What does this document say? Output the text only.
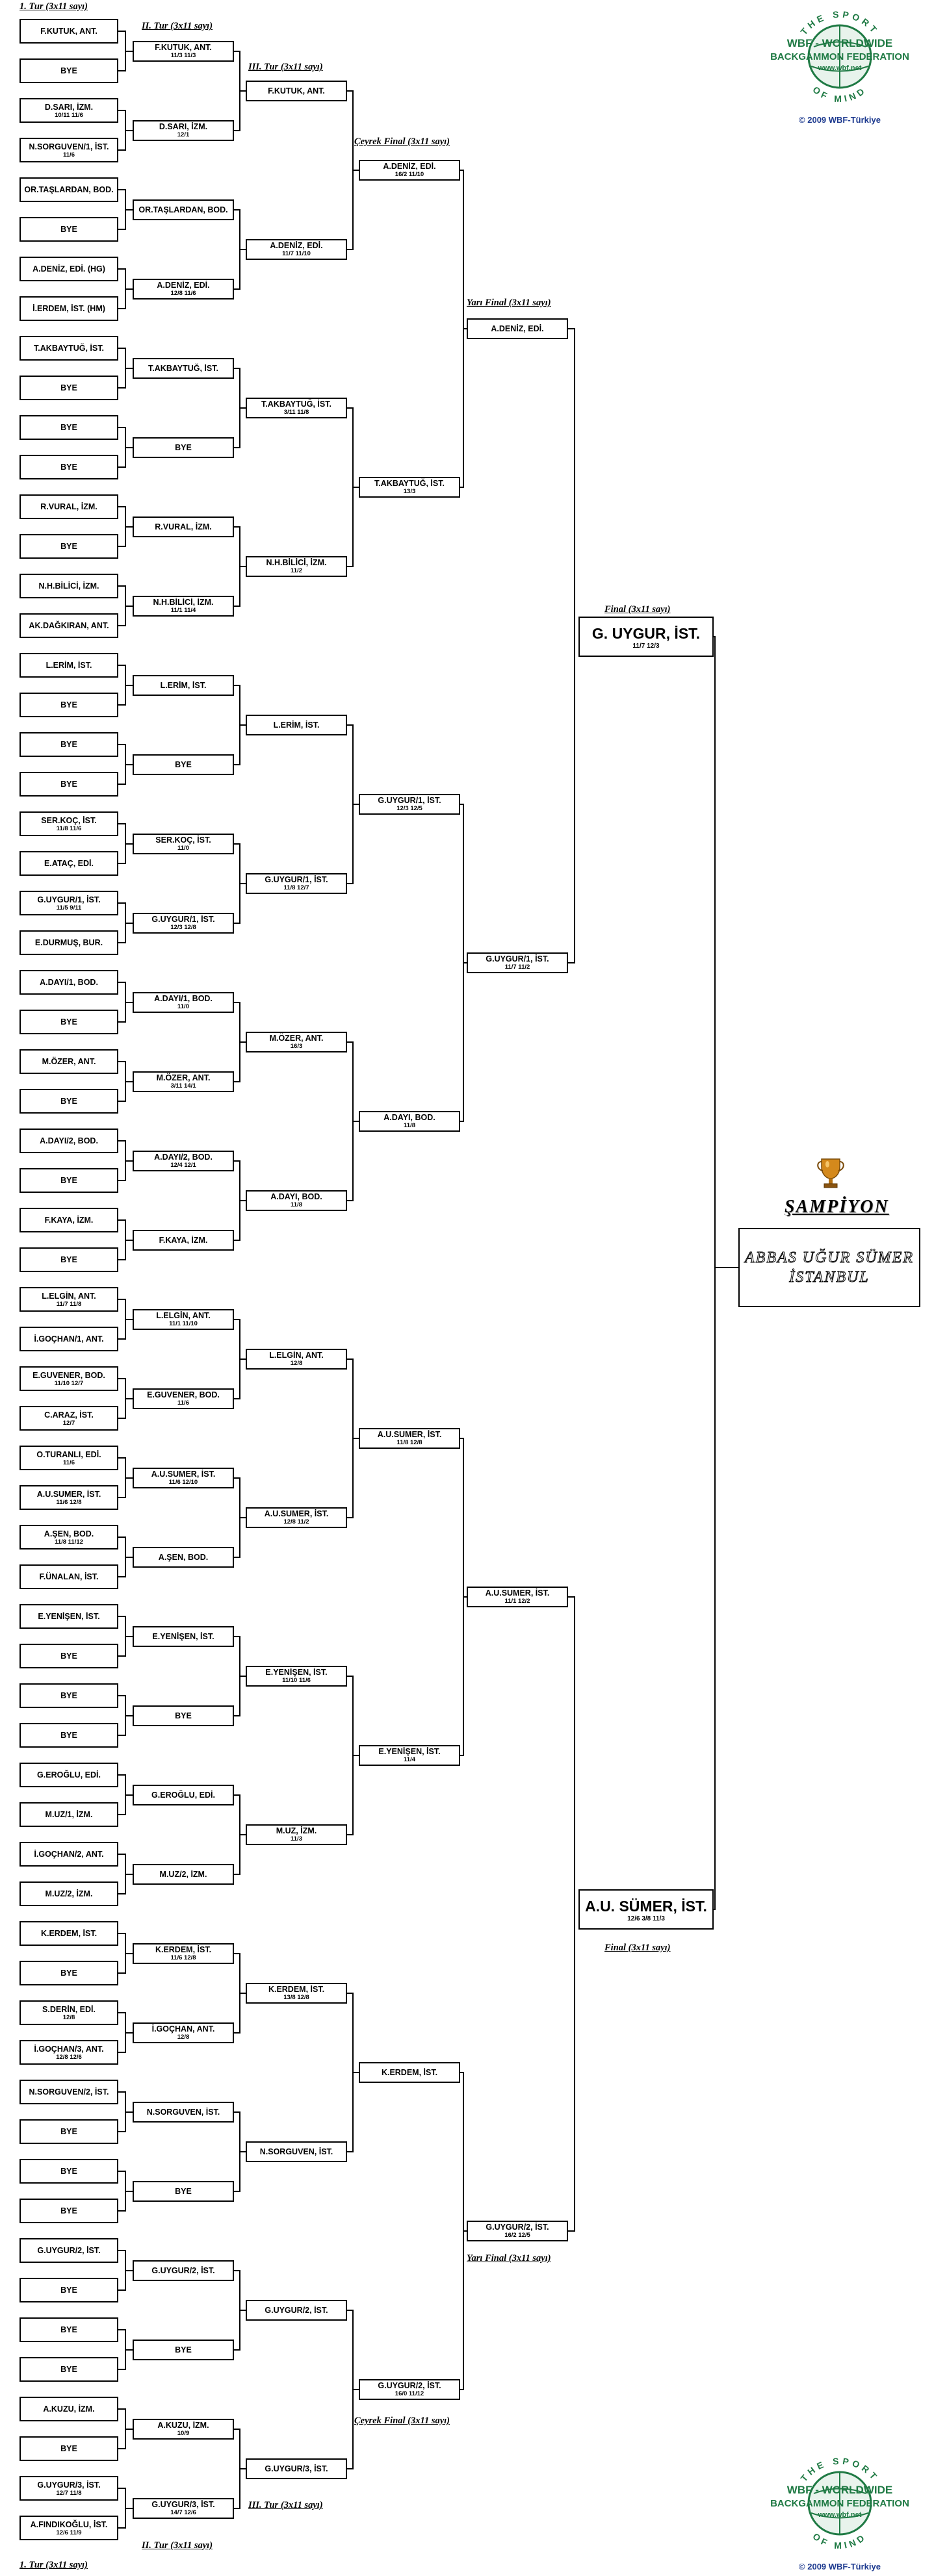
F.KUTUK, ANT.
BYE
D.SARI, İZM.
10/11 11/6
N.SORGUVEN/1, İST.
11/6
OR.TAŞLARDAN, BOD.
BYE
A.DENİZ, EDİ. (HG)
İ.ERDEM, İST. (HM)
T.AKBAYTUĞ, İST.
BYE
BYE
BYE
R.VURAL, İZM.
BYE
N.H.BİLİCİ, İZM.
AK.DAĞKIRAN, ANT.
L.ERİM, İST.
BYE
BYE
BYE
SER.KOÇ, İST.
11/8 11/6
E.ATAÇ, EDİ.
G.UYGUR/1, İST.
11/5 9/11
E.DURMUŞ, BUR.
A.DAYI/1, BOD.
BYE
M.ÖZER, ANT.
BYE
A.DAYI/2, BOD.
BYE
F.KAYA, İZM.
BYE
L.ELGİN, ANT.
11/7 11/8
İ.GOÇHAN/1, ANT.
E.GUVENER, BOD.
11/10 12/7
C.ARAZ, İST.
12/7
O.TURANLI, EDİ.
11/6
A.U.SUMER, İST.
11/6 12/8
A.ŞEN, BOD.
11/8 11/12
F.ÜNALAN, İST.
E.YENİŞEN, İST.
BYE
BYE
BYE
G.EROĞLU, EDİ.
M.UZ/1, İZM.
İ.GOÇHAN/2, ANT.
M.UZ/2, İZM.
K.ERDEM, İST.
BYE
S.DERİN, EDİ.
12/8
İ.GOÇHAN/3, ANT.
12/8 12/6
N.SORGUVEN/2, İST.
BYE
BYE
BYE
G.UYGUR/2, İST.
BYE
BYE
BYE
A.KUZU, İZM.
BYE
G.UYGUR/3, İST.
12/7 11/8
A.FINDIKOĞLU, İST.
12/6 11/9
F.KUTUK, ANT.
11/3 11/3
D.SARI, İZM.
12/1
OR.TAŞLARDAN, BOD.
A.DENİZ, EDİ.
12/8 11/6
T.AKBAYTUĞ, İST.
BYE
R.VURAL, İZM.
N.H.BİLİCİ, İZM.
11/1 11/4
L.ERİM, İST.
BYE
SER.KOÇ, İST.
11/0
G.UYGUR/1, İST.
12/3 12/8
A.DAYI/1, BOD.
11/0
M.ÖZER, ANT.
3/11 14/1
A.DAYI/2, BOD.
12/4 12/1
F.KAYA, İZM.
L.ELGİN, ANT.
11/1 11/10
E.GUVENER, BOD.
11/6
A.U.SUMER, İST.
11/6 12/10
A.ŞEN, BOD.
E.YENİŞEN, İST.
BYE
G.EROĞLU, EDİ.
M.UZ/2, İZM.
K.ERDEM, İST.
11/6 12/8
İ.GOÇHAN, ANT.
12/8
N.SORGUVEN, İST.
BYE
G.UYGUR/2, İST.
BYE
A.KUZU, İZM.
10/9
G.UYGUR/3, İST.
14/7 12/6
F.KUTUK, ANT.
A.DENİZ, EDİ.
11/7 11/10
T.AKBAYTUĞ, İST.
3/11 11/8
N.H.BİLİCİ, İZM.
11/2
L.ERİM, İST.
G.UYGUR/1, İST.
11/8 12/7
M.ÖZER, ANT.
16/3
A.DAYI, BOD.
11/8
L.ELGİN, ANT.
12/8
A.U.SUMER, İST.
12/8 11/2
E.YENİŞEN, İST.
11/10 11/6
M.UZ, İZM.
11/3
K.ERDEM, İST.
13/8 12/8
N.SORGUVEN, İST.
G.UYGUR/2, İST.
G.UYGUR/3, İST.
A.DENİZ, EDİ.
16/2 11/10
T.AKBAYTUĞ, İST.
13/3
G.UYGUR/1, İST.
12/3 12/5
A.DAYI, BOD.
11/8
A.U.SUMER, İST.
11/8 12/8
E.YENİŞEN, İST.
11/4
K.ERDEM, İST.
G.UYGUR/2, İST.
16/0 11/12
A.DENİZ, EDİ.
G.UYGUR/1, İST.
11/7 11/2
A.U.SUMER, İST.
11/1 12/2
G.UYGUR/2, İST.
16/2 12/5
G. UYGUR, İST.
11/7 12/3
A.U. SÜMER, İST.
12/6 3/8 11/3
1. Tur (3x11 sayı)
1. Tur (3x11 sayı)
II. Tur (3x11 sayı)
II. Tur (3x11 sayı)
III. Tur (3x11 sayı)
III. Tur (3x11 sayı)
Çeyrek Final (3x11 sayı)
Çeyrek Final (3x11 sayı)
Yarı Final (3x11 sayı)
Yarı Final (3x11 sayı)
Final (3x11 sayı)
Final (3x11 sayı)
ŞAMPİYON
ABBAS UĞUR SÜMER
İSTANBUL
THE SPORT
OF MIND
WBF - WORLDWIDE
BACKGAMMON FEDERATION
www.wbf.net
© 2009 WBF-Türkiye
THE SPORT
OF MIND
WBF - WORLDWIDE
BACKGAMMON FEDERATION
www.wbf.net
© 2009 WBF-Türkiye
